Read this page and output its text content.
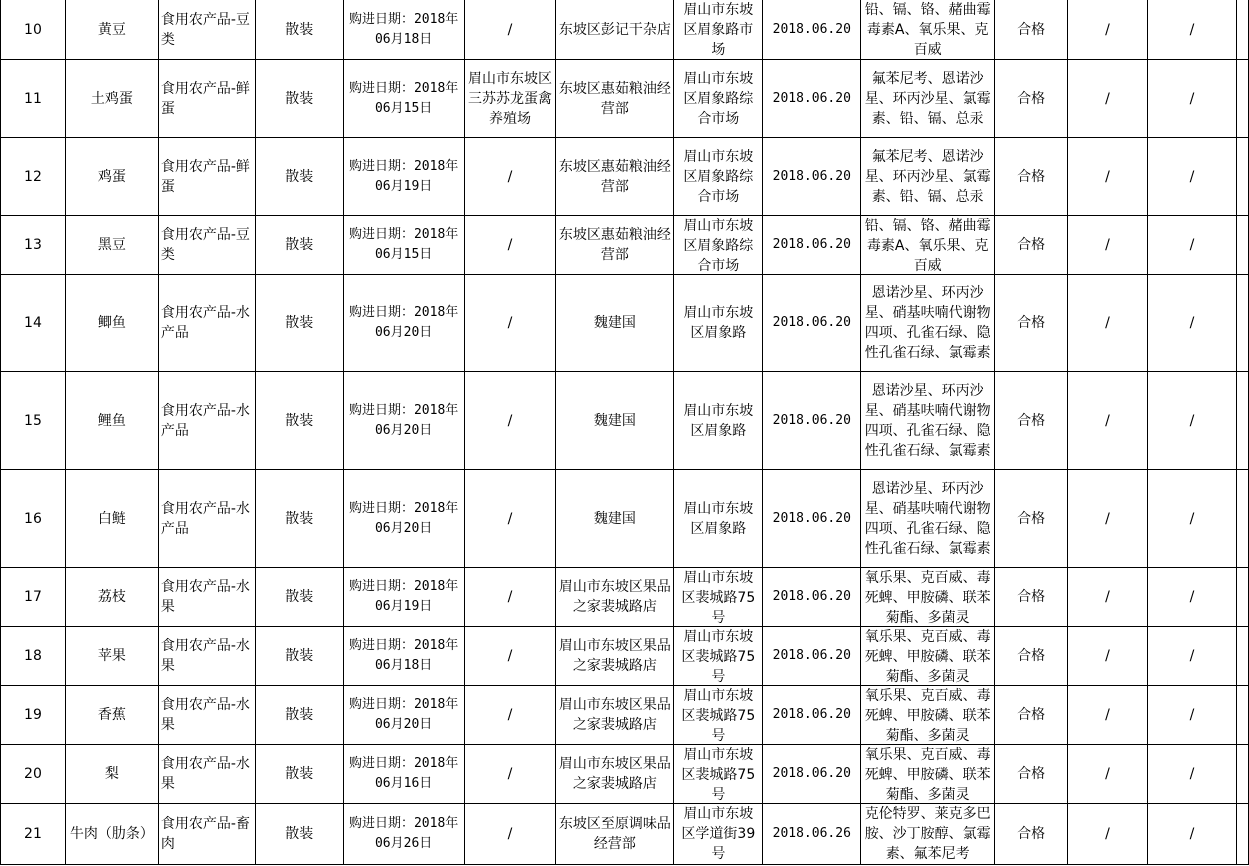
10	黄豆	食用农产品-豆类	散装	购进日期：2018年06月18日	/	东坡区彭记干杂店	眉山市东坡区眉象路市场	2018.06.20	铅、镉、铬、赭曲霉毒素A、氧乐果、克百威	合格	/	/	

11	土鸡蛋	食用农产品-鲜蛋	散装	购进日期：2018年06月15日	眉山市东坡区三苏苏龙蛋禽养殖场	东坡区惠茹粮油经营部	眉山市东坡区眉象路综合市场	2018.06.20	氟苯尼考、恩诺沙星、环丙沙星、氯霉素、铅、镉、总汞	合格	/	/	

12	鸡蛋	食用农产品-鲜蛋	散装	购进日期：2018年06月19日	/	东坡区惠茹粮油经营部	眉山市东坡区眉象路综合市场	2018.06.20	氟苯尼考、恩诺沙星、环丙沙星、氯霉素、铅、镉、总汞	合格	/	/	

13	黑豆	食用农产品-豆类	散装	购进日期：2018年06月15日	/	东坡区惠茹粮油经营部	眉山市东坡区眉象路综合市场	2018.06.20	铅、镉、铬、赭曲霉毒素A、氧乐果、克百威	合格	/	/	

14	鲫鱼	食用农产品-水产品	散装	购进日期：2018年06月20日	/	魏建国	眉山市东坡区眉象路	2018.06.20	恩诺沙星、环丙沙星、硝基呋喃代谢物四项、孔雀石绿、隐性孔雀石绿、氯霉素	合格	/	/	

15	鲤鱼	食用农产品-水产品	散装	购进日期：2018年06月20日	/	魏建国	眉山市东坡区眉象路	2018.06.20	恩诺沙星、环丙沙星、硝基呋喃代谢物四项、孔雀石绿、隐性孔雀石绿、氯霉素	合格	/	/	

16	白鲢	食用农产品-水产品	散装	购进日期：2018年06月20日	/	魏建国	眉山市东坡区眉象路	2018.06.20	恩诺沙星、环丙沙星、硝基呋喃代谢物四项、孔雀石绿、隐性孔雀石绿、氯霉素	合格	/	/	

17	荔枝	食用农产品-水果	散装	购进日期：2018年06月19日	/	眉山市东坡区果品之家裴城路店	眉山市东坡区裴城路75号	2018.06.20	氧乐果、克百威、毒死蜱、甲胺磷、联苯菊酯、多菌灵	合格	/	/	

18	苹果	食用农产品-水果	散装	购进日期：2018年06月18日	/	眉山市东坡区果品之家裴城路店	眉山市东坡区裴城路75号	2018.06.20	氧乐果、克百威、毒死蜱、甲胺磷、联苯菊酯、多菌灵	合格	/	/	

19	香蕉	食用农产品-水果	散装	购进日期：2018年06月20日	/	眉山市东坡区果品之家裴城路店	眉山市东坡区裴城路75号	2018.06.20	氧乐果、克百威、毒死蜱、甲胺磷、联苯菊酯、多菌灵	合格	/	/	

20	梨	食用农产品-水果	散装	购进日期：2018年06月16日	/	眉山市东坡区果品之家裴城路店	眉山市东坡区裴城路75号	2018.06.20	氧乐果、克百威、毒死蜱、甲胺磷、联苯菊酯、多菌灵	合格	/	/	

21	牛肉（肋条）	食用农产品-畜肉	散装	购进日期：2018年06月26日	/	东坡区至原调味品经营部	眉山市东坡区学道街39号	2018.06.26	克伦特罗、莱克多巴胺、沙丁胺醇、氯霉素、氟苯尼考	合格	/	/	
